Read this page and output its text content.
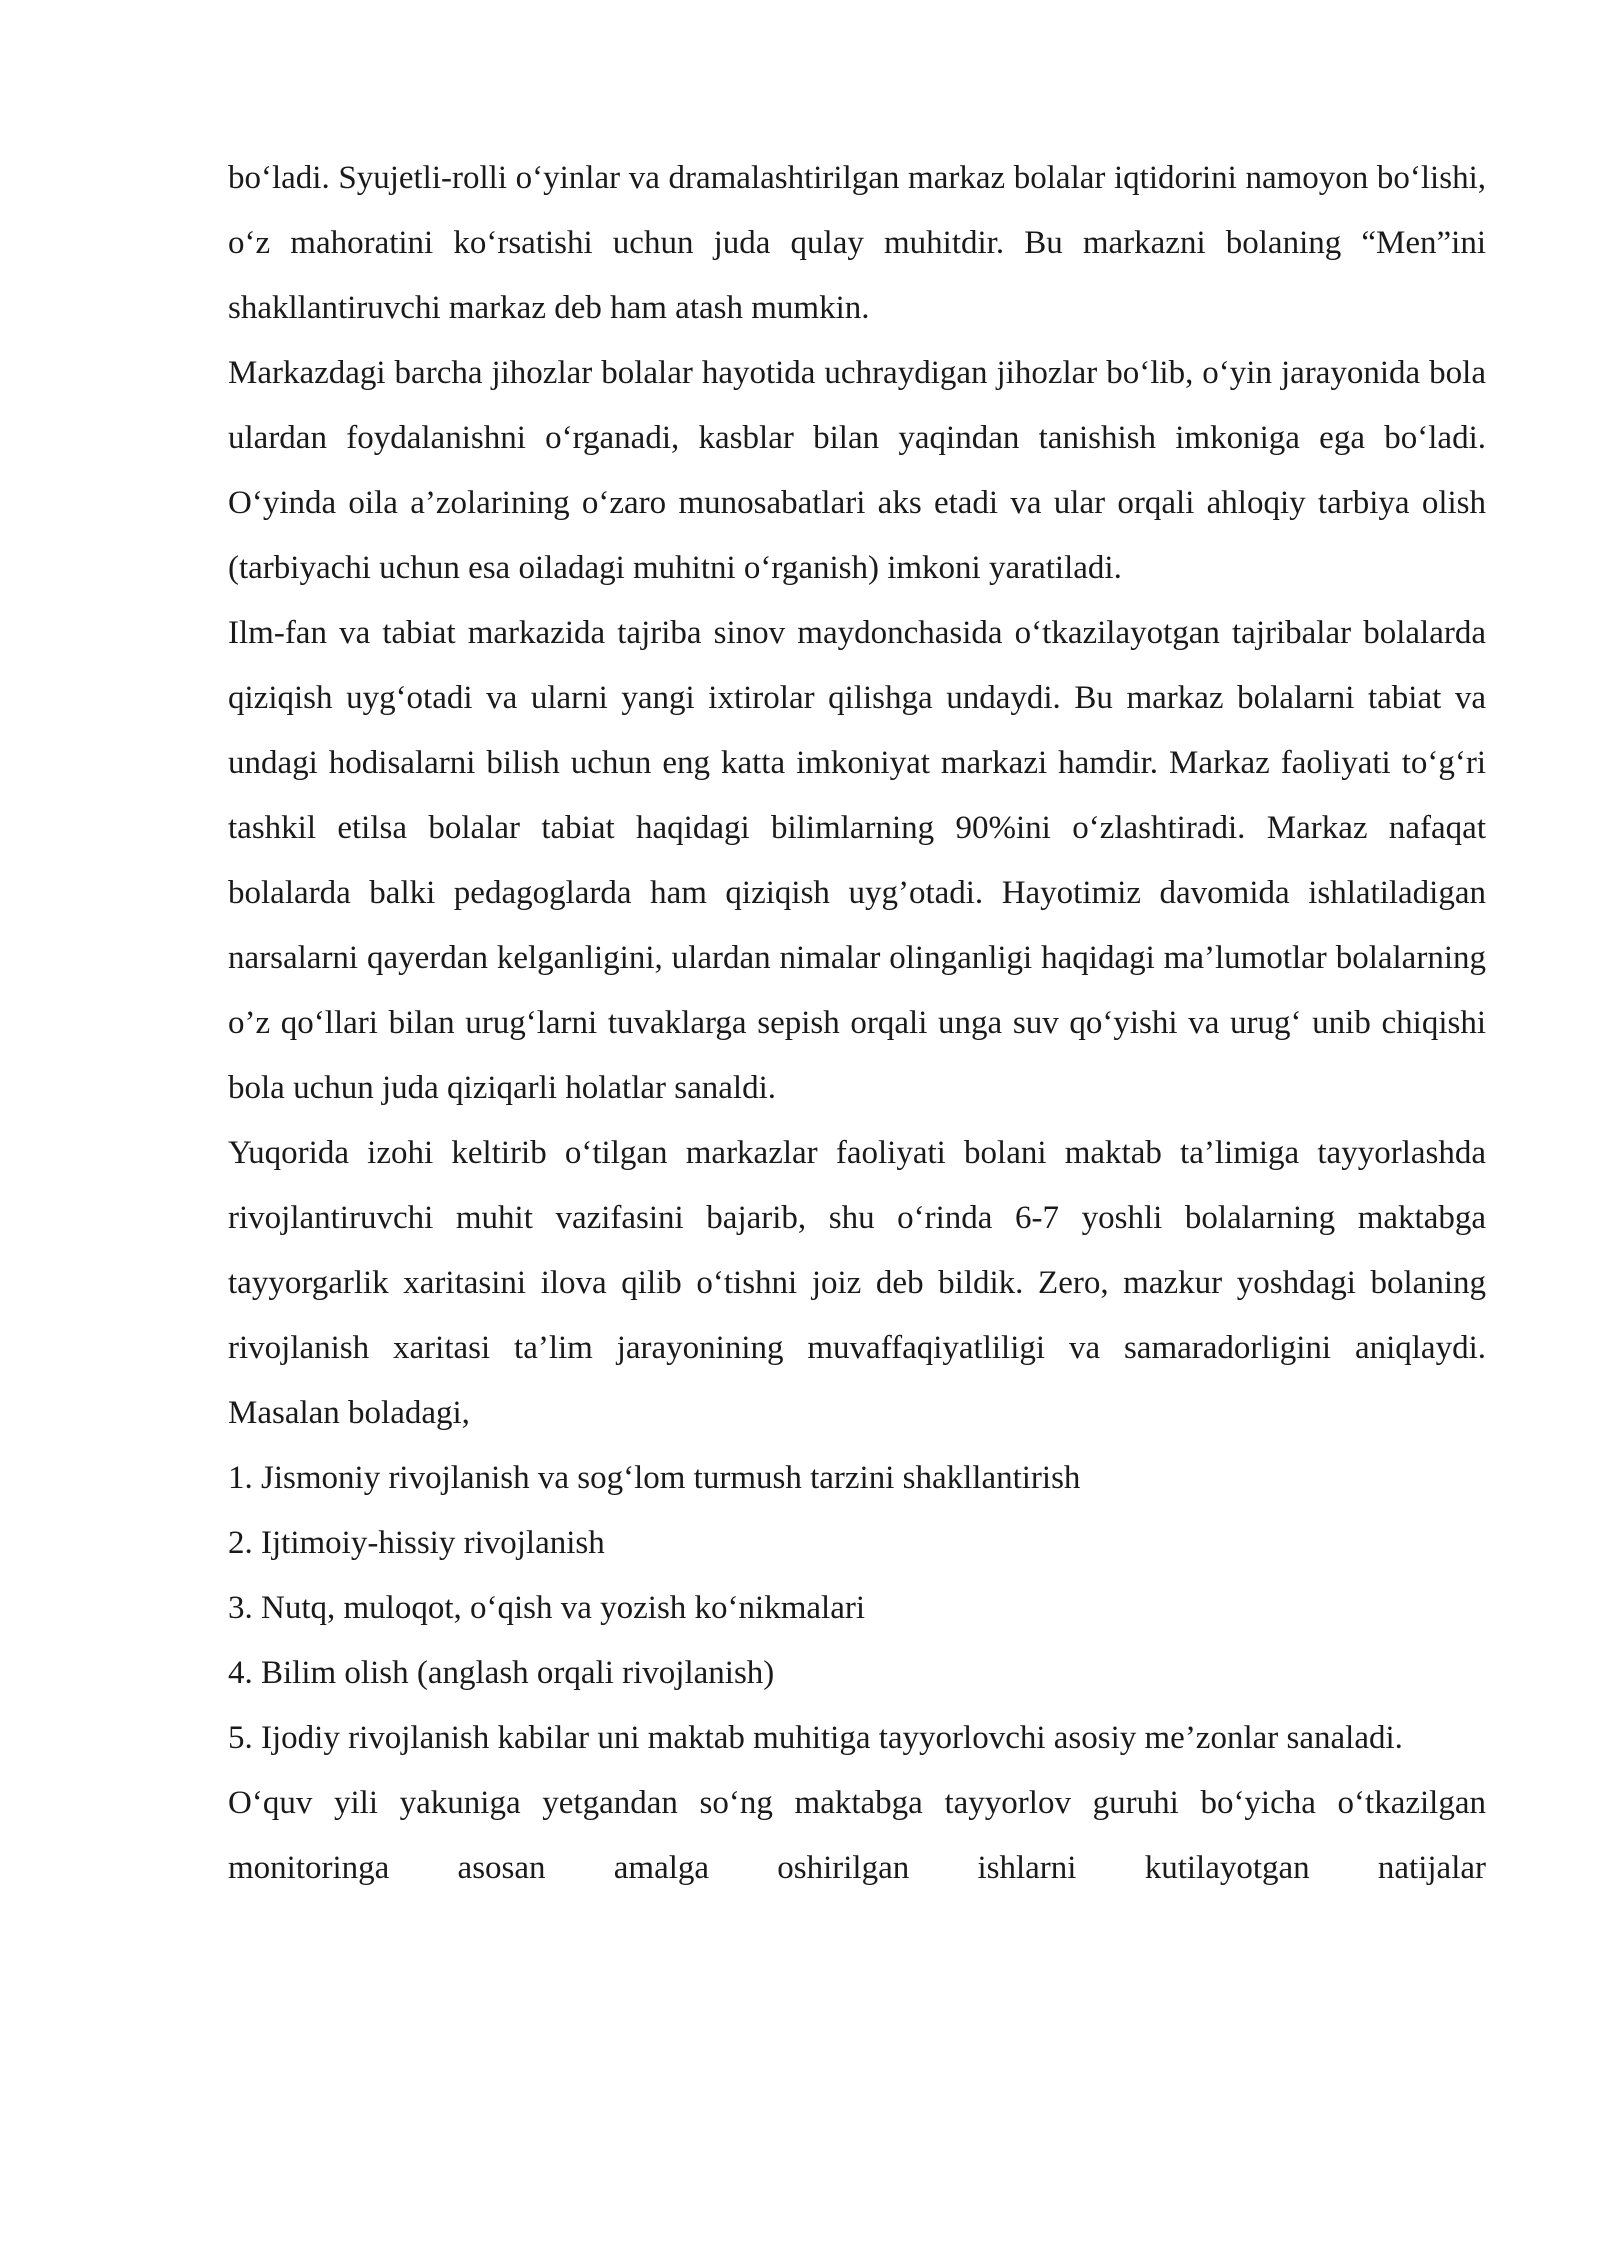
boʻladi. Syujetli-rolli oʻyinlar va dramalashtirilgan markaz bolalar iqtidorini namoyon boʻlishi, oʻz mahoratini koʻrsatishi uchun juda qulay muhitdir. Bu markazni bolaning “Men”ini shakllantiruvchi markaz deb ham atash mumkin.

Markazdagi barcha jihozlar bolalar hayotida uchraydigan jihozlar boʻlib, oʻyin jarayonida bola ulardan foydalanishni oʻrganadi, kasblar bilan yaqindan tanishish imkoniga ega boʻladi. Oʻyinda oila a’zolarining oʻzaro munosabatlari aks etadi va ular orqali ahloqiy tarbiya olish (tarbiyachi uchun esa oiladagi muhitni oʻrganish) imkoni yaratiladi.

Ilm-fan va tabiat markazida tajriba sinov maydonchasida oʻtkazilayotgan tajribalar bolalarda qiziqish uygʻotadi va ularni yangi ixtirolar qilishga undaydi. Bu markaz bolalarni tabiat va undagi hodisalarni bilish uchun eng katta imkoniyat markazi hamdir. Markaz faoliyati toʻgʻri tashkil etilsa bolalar tabiat haqidagi bilimlarning 90%ini oʻzlashtiradi. Markaz nafaqat bolalarda balki pedagoglarda ham qiziqish uyg’otadi. Hayotimiz davomida ishlatiladigan narsalarni qayerdan kelganligini, ulardan nimalar olinganligi haqidagi ma’lumotlar bolalarning o’z qoʻllari bilan urugʻlarni tuvaklarga sepish orqali unga suv qoʻyishi va urugʻ unib chiqishi bola uchun juda qiziqarli holatlar sanaldi.

Yuqorida izohi keltirib oʻtilgan markazlar faoliyati bolani maktab ta’limiga tayyorlashda rivojlantiruvchi muhit vazifasini bajarib, shu oʻrinda 6-7 yoshli bolalarning maktabga tayyorgarlik xaritasini ilova qilib oʻtishni joiz deb bildik. Zero, mazkur yoshdagi bolaning rivojlanish xaritasi ta’lim jarayonining muvaffaqiyatliligi va samaradorligini aniqlaydi. Masalan boladagi,

1. Jismoniy rivojlanish va sogʻlom turmush tarzini shakllantirish

2. Ijtimoiy-hissiy rivojlanish

3. Nutq, muloqot, oʻqish va yozish koʻnikmalari

4. Bilim olish (anglash orqali rivojlanish)

5. Ijodiy rivojlanish kabilar uni maktab muhitiga tayyorlovchi asosiy me’zonlar sanaladi.

Oʻquv yili yakuniga yetgandan soʻng maktabga tayyorlov guruhi boʻyicha oʻtkazilgan monitoringa asosan amalga oshirilgan ishlarni kutilayotgan natijalar
